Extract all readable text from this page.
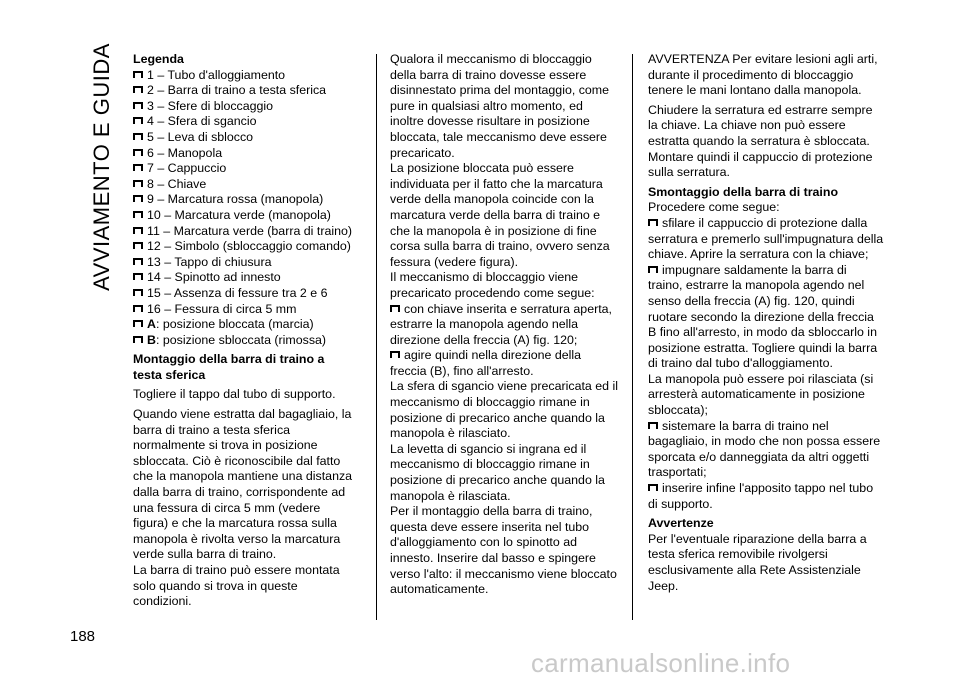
AVVIAMENTO E GUIDA
188
Legenda
1 – Tubo d'alloggiamento
2 – Barra di traino a testa sferica
3 – Sfere di bloccaggio
4 – Sfera di sgancio
5 – Leva di sblocco
6 – Manopola
7 – Cappuccio
8 – Chiave
9 – Marcatura rossa (manopola)
10 – Marcatura verde (manopola)
11 – Marcatura verde (barra di traino)
12 – Simbolo (sbloccaggio comando)
13 – Tappo di chiusura
14 – Spinotto ad innesto
15 – Assenza di fessure tra 2 e 6
16 – Fessura di circa 5 mm
A: posizione bloccata (marcia)
B: posizione sbloccata (rimossa)
Montaggio della barra di traino a testa sferica

Togliere il tappo dal tubo di supporto.

Quando viene estratta dal bagagliaio, la barra di traino a testa sferica normalmente si trova in posizione sbloccata. Ciò è riconoscibile dal fatto che la manopola mantiene una distanza dalla barra di traino, corrispondente ad una fessura di circa 5 mm (vedere figura) e che la marcatura rossa sulla manopola è rivolta verso la marcatura verde sulla barra di traino.

La barra di traino può essere montata solo quando si trova in queste condizioni.

Qualora il meccanismo di bloccaggio della barra di traino dovesse essere disinnestato prima del montaggio, come pure in qualsiasi altro momento, ed inoltre dovesse risultare in posizione bloccata, tale meccanismo deve essere precaricato.

La posizione bloccata può essere individuata per il fatto che la marcatura verde della manopola coincide con la marcatura verde della barra di traino e che la manopola è in posizione di fine corsa sulla barra di traino, ovvero senza fessura (vedere figura).

Il meccanismo di bloccaggio viene precaricato procedendo come segue:

con chiave inserita e serratura aperta, estrarre la manopola agendo nella direzione della freccia (A) fig. 120;
agire quindi nella direzione della freccia (B), fino all'arresto.

La sfera di sgancio viene precaricata ed il meccanismo di bloccaggio rimane in posizione di precarico anche quando la manopola è rilasciato.

La levetta di sgancio si ingrana ed il meccanismo di bloccaggio rimane in posizione di precarico anche quando la manopola è rilasciata.

Per il montaggio della barra di traino, questa deve essere inserita nel tubo d'alloggiamento con lo spinotto ad innesto. Inserire dal basso e spingere verso l'alto: il meccanismo viene bloccato automaticamente.

AVVERTENZA Per evitare lesioni agli arti, durante il procedimento di bloccaggio tenere le mani lontano dalla manopola.

Chiudere la serratura ed estrarre sempre la chiave. La chiave non può essere estratta quando la serratura è sbloccata. Montare quindi il cappuccio di protezione sulla serratura.

Smontaggio della barra di traino

Procedere come segue:

sfilare il cappuccio di protezione dalla serratura e premerlo sull'impugnatura della chiave. Aprire la serratura con la chiave;
impugnare saldamente la barra di traino, estrarre la manopola agendo nel senso della freccia (A) fig. 120, quindi ruotare secondo la direzione della freccia B fino all'arresto, in modo da sbloccarlo in posizione estratta. Togliere quindi la barra di traino dal tubo d'alloggiamento.

La manopola può essere poi rilasciata (si arresterà automaticamente in posizione sbloccata);

sistemare la barra di traino nel bagagliaio, in modo che non possa essere sporcata e/o danneggiata da altri oggetti trasportati;
inserire infine l'apposito tappo nel tubo di supporto.
Avvertenze

Per l'eventuale riparazione della barra a testa sferica removibile rivolgersi esclusivamente alla Rete Assistenziale Jeep.

carmanualsonline.info
